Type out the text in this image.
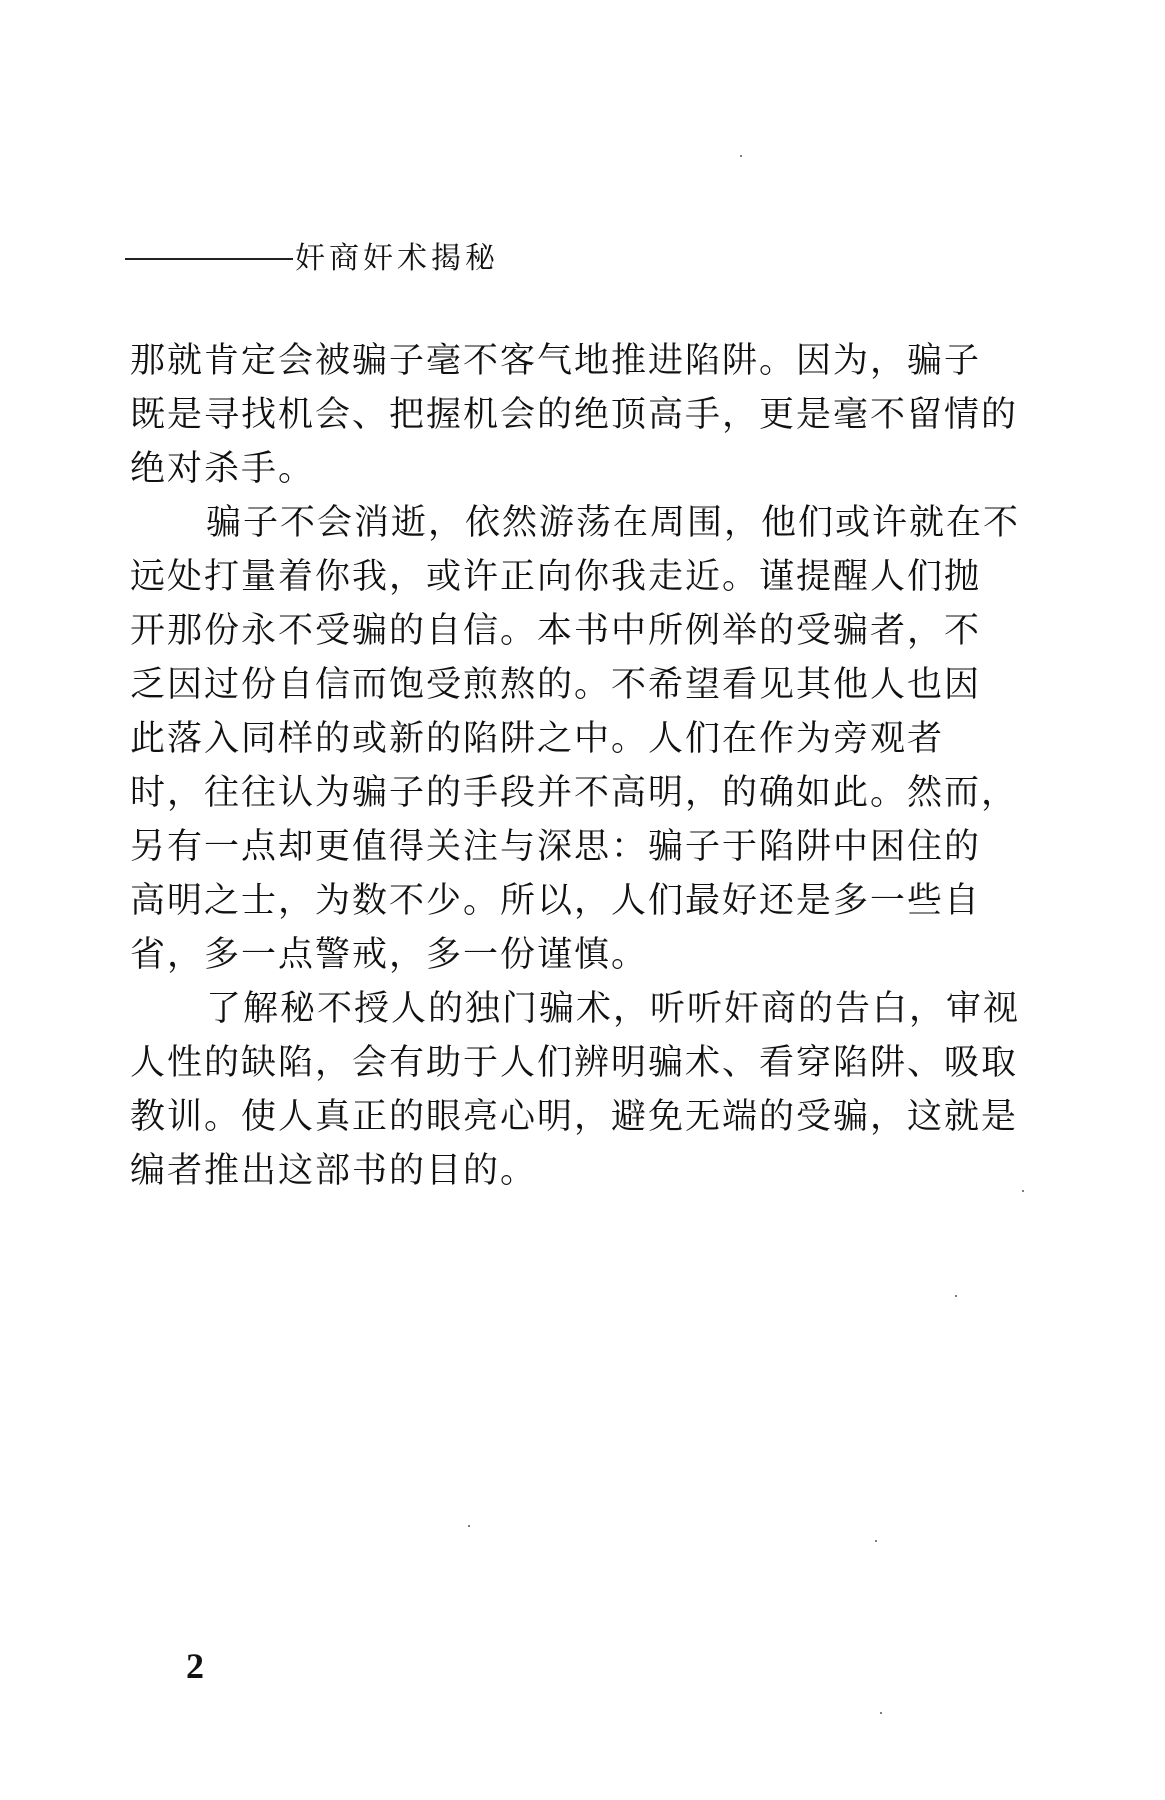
奸商奸术揭秘
那就肯定会被骗子毫不客气地推进陷阱。因为，骗子
既是寻找机会、把握机会的绝顶高手，更是毫不留情的
绝对杀手。
骗子不会消逝，依然游荡在周围，他们或许就在不
远处打量着你我，或许正向你我走近。谨提醒人们抛
开那份永不受骗的自信。本书中所例举的受骗者，不
乏因过份自信而饱受煎熬的。不希望看见其他人也因
此落入同样的或新的陷阱之中。人们在作为旁观者
时，往往认为骗子的手段并不高明，的确如此。然而，
另有一点却更值得关注与深思：骗子于陷阱中困住的
高明之士，为数不少。所以，人们最好还是多一些自
省，多一点警戒，多一份谨慎。
了解秘不授人的独门骗术，听听奸商的告白，审视
人性的缺陷，会有助于人们辨明骗术、看穿陷阱、吸取
教训。使人真正的眼亮心明，避免无端的受骗，这就是
编者推出这部书的目的。
2
